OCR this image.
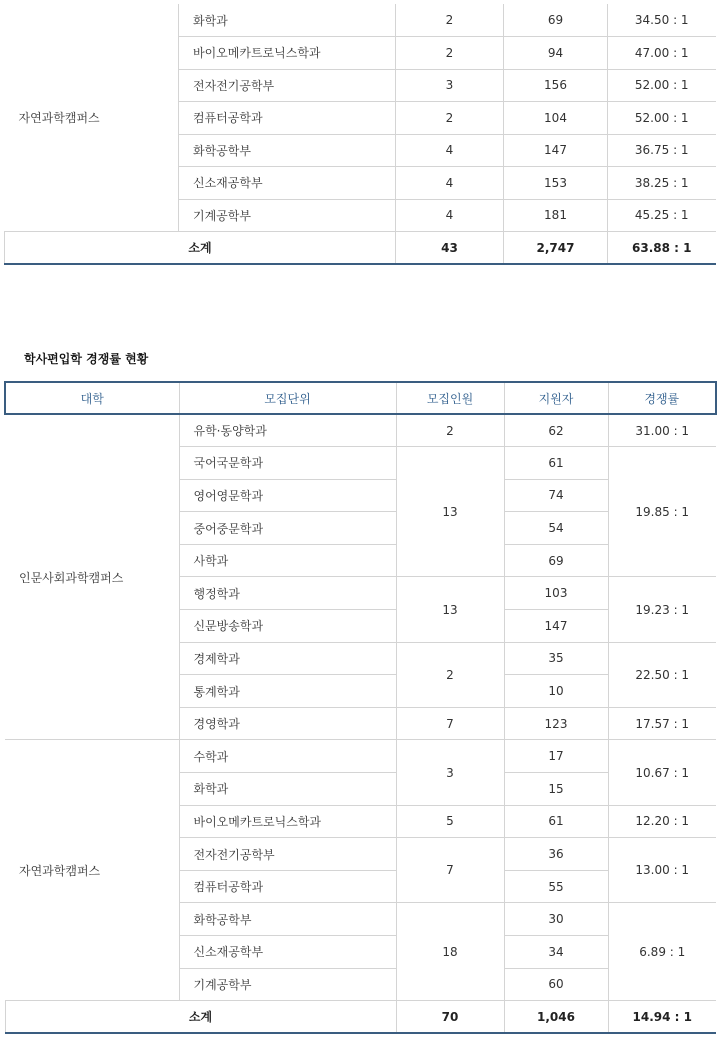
자연과학캠퍼스	화학과	2	69	34.50 : 1
	바이오메카트로닉스학과	2	94	47.00 : 1
	전자전기공학부	3	156	52.00 : 1
	컴퓨터공학과	2	104	52.00 : 1
	화학공학부	4	147	36.75 : 1
	신소재공학부	4	153	38.25 : 1
	기계공학부	4	181	45.25 : 1
소계		43	2,747	63.88 : 1
학사편입학 경쟁률 현황
대학	모집단위	모집인원	지원자	경쟁률
인문사회과학캠퍼스	유학·동양학과	2	62	31.00 : 1
	국어국문학과	13	61	19.85 : 1
	영어영문학과		74	
	중어중문학과		54	
	사학과		69	
	행정학과	13	103	19.23 : 1
	신문방송학과		147	
	경제학과	2	35	22.50 : 1
	통계학과		10	
	경영학과	7	123	17.57 : 1
자연과학캠퍼스	수학과	3	17	10.67 : 1
	화학과		15	
	바이오메카트로닉스학과	5	61	12.20 : 1
	전자전기공학부	7	36	13.00 : 1
	컴퓨터공학과		55	
	화학공학부	18	30	6.89 : 1
	신소재공학부		34	
	기계공학부		60	
소계		70	1,046	14.94 : 1
